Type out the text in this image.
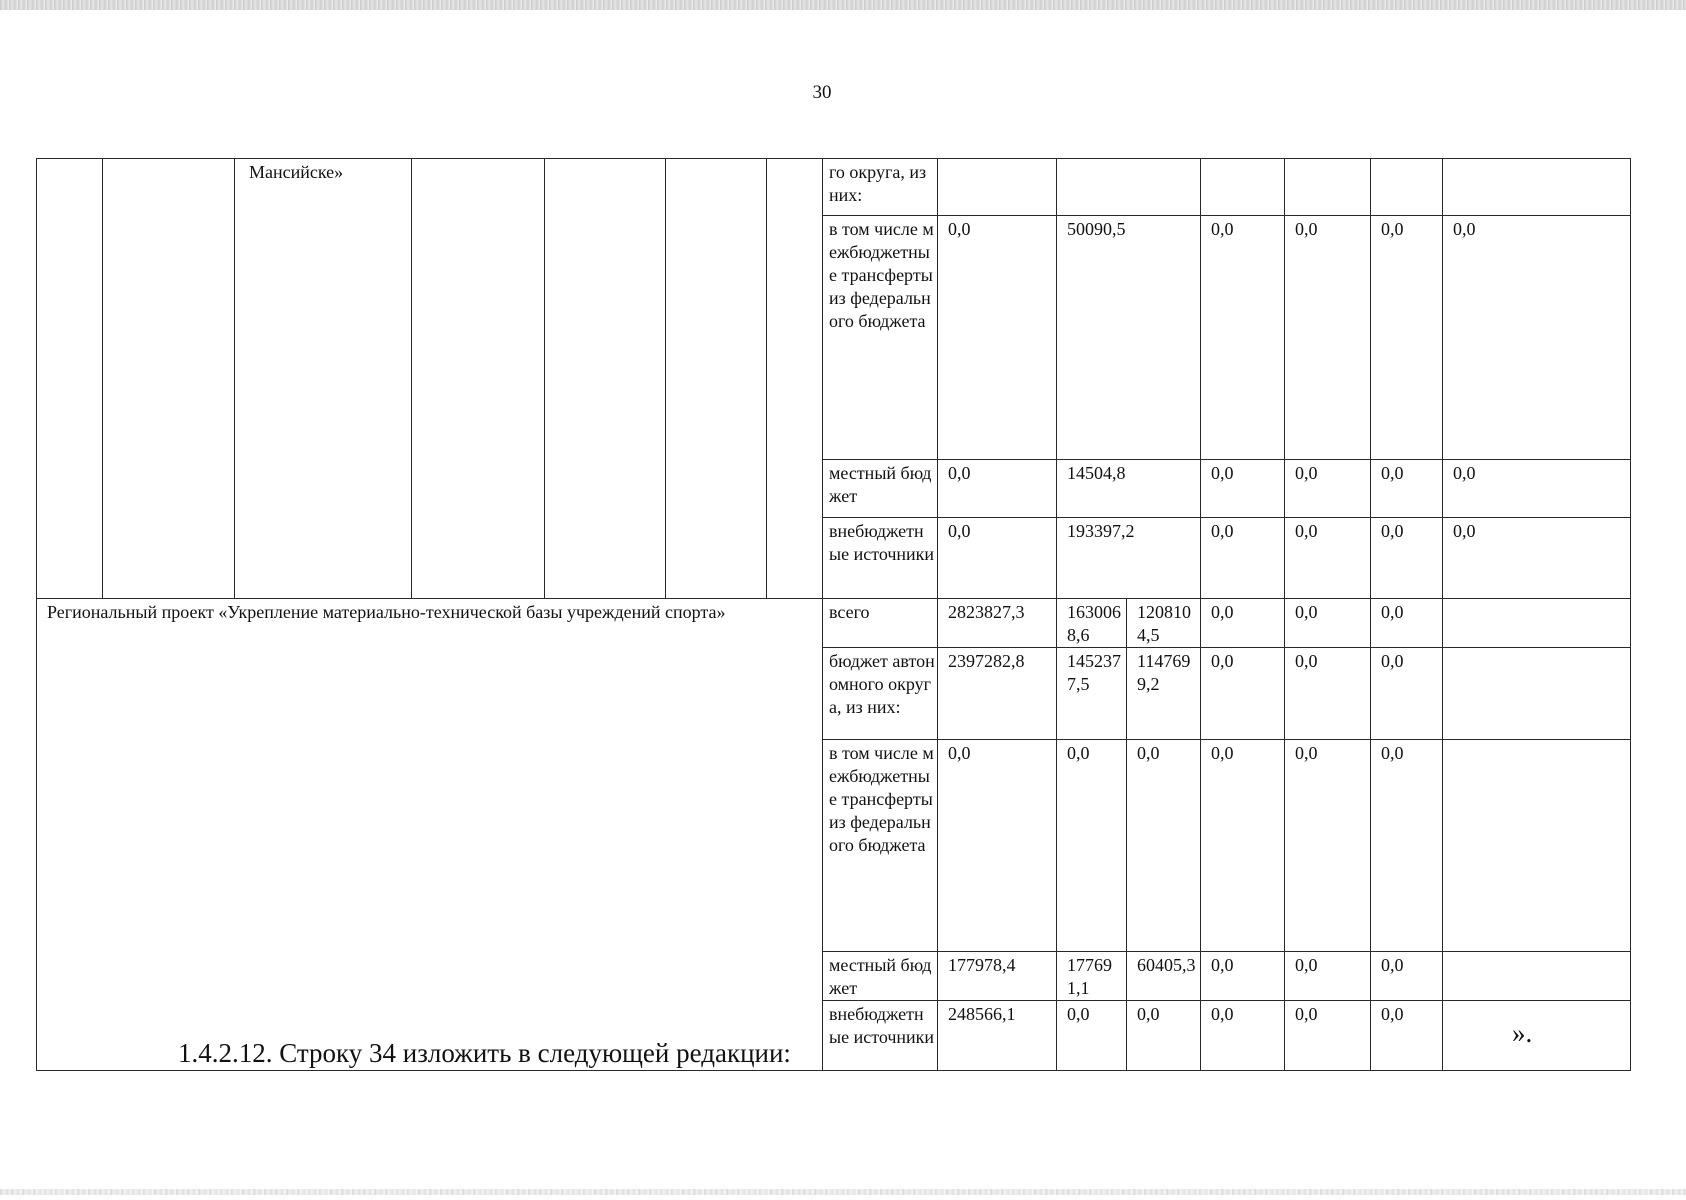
30
		Мансийске»					го округа, из них:								
							в том числе межбюджетные трансферты из федерального бюджета	0,0	50090,5		0,0	0,0	0,0	0,0	
							местный бюджет	0,0	14504,8		0,0	0,0	0,0	0,0	
							внебюджетные источники	0,0	193397,2		0,0	0,0	0,0	0,0	
Региональный проект «Укрепление материально-технической базы учреждений спорта»							всего	2823827,3	1630068,6	1208104,5	0,0	0,0	0,0		
							бюджет автономного округа, из них:	2397282,8	1452377,5	1147699,2	0,0	0,0	0,0		
							в том числе межбюджетные трансферты из федерального бюджета	0,0	0,0	0,0	0,0	0,0	0,0		
							местный бюджет	177978,4	177691,1	60405,3	0,0	0,0	0,0		
							внебюджетные источники	248566,1	0,0	0,0	0,0	0,0	0,0		
».
1.4.2.12. Строку 34 изложить в следующей редакции:
